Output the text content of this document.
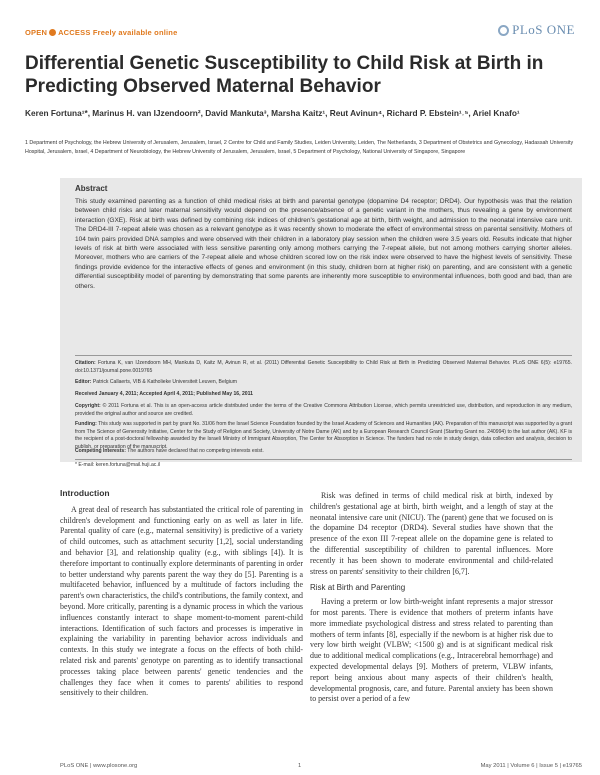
OPEN ACCESS Freely available online	PLoS ONE
Differential Genetic Susceptibility to Child Risk at Birth in Predicting Observed Maternal Behavior
Keren Fortuna¹*, Marinus H. van IJzendoorn², David Mankuta³, Marsha Kaitz¹, Reut Avinun⁴, Richard P. Ebstein¹˒⁵, Ariel Knafo¹
1 Department of Psychology, the Hebrew University of Jerusalem, Jerusalem, Israel, 2 Centre for Child and Family Studies, Leiden University, Leiden, The Netherlands, 3 Department of Obstetrics and Gynecology, Hadassah University Hospital, Jerusalem, Israel, 4 Department of Neurobiology, the Hebrew University of Jerusalem, Jerusalem, Israel, 5 Department of Psychology, National University of Singapore, Singapore
Abstract
This study examined parenting as a function of child medical risks at birth and parental genotype (dopamine D4 receptor; DRD4). Our hypothesis was that the relation between child risks and later maternal sensitivity would depend on the presence/absence of a genetic variant in the mothers, thus revealing a gene by environment interaction (GXE). Risk at birth was defined by combining risk indices of children's gestational age at birth, birth weight, and admission to the neonatal intensive care unit. The DRD4-III 7-repeat allele was chosen as a relevant genotype as it was recently shown to moderate the effect of environmental stress on parental sensitivity. Mothers of 104 twin pairs provided DNA samples and were observed with their children in a laboratory play session when the children were 3.5 years old. Results indicate that higher levels of risk at birth were associated with less sensitive parenting only among mothers carrying the 7-repeat allele, but not among mothers carrying shorter alleles. Moreover, mothers who are carriers of the 7-repeat allele and whose children scored low on the risk index were observed to have the highest levels of sensitivity. These findings provide evidence for the interactive effects of genes and environment (in this study, children born at higher risk) on parenting, and are consistent with a genetic differential susceptibility model of parenting by demonstrating that some parents are inherently more susceptible to environmental influences, both good and bad, than are others.
Citation: Fortuna K, van IJzendoorn MH, Mankuta D, Kaitz M, Avinun R, et al. (2011) Differential Genetic Susceptibility to Child Risk at Birth in Predicting Observed Maternal Behavior. PLoS ONE 6(5): e19765. doi:10.1371/journal.pone.0019765
Editor: Patrick Callaerts, VIB & Katholieke Universiteit Leuven, Belgium
Received January 4, 2011; Accepted April 4, 2011; Published May 16, 2011
Copyright: © 2011 Fortuna et al. This is an open-access article distributed under the terms of the Creative Commons Attribution License, which permits unrestricted use, distribution, and reproduction in any medium, provided the original author and source are credited.
Funding: This study was supported in part by grant No. 31/06 from the Israel Science Foundation founded by the Israel Academy of Sciences and Humanities (AK). Preparation of this manuscript was supported by a grant from The Science of Generosity Initiative, Center for the Study of Religion and Society, University of Notre Dame (AK) and by a European Research Council Grant (Starting Grant no. 240994) to the last author (AK). KF is the recipient of a post-doctoral fellowship awarded by the Israeli Ministry of Immigrant Absorption, The Center for Absorption in Science. The funders had no role in study design, data collection and analysis, decision to publish, or preparation of the manuscript.
Competing Interests: The authors have declared that no competing interests exist.
* E-mail: keren.fortuna@mail.huji.ac.il
Introduction

A great deal of research has substantiated the critical role of parenting in children's development and functioning early on as well as later in life. Parental quality of care (e.g., maternal sensitivity) is predictive of a variety of child outcomes, such as attachment security [1,2], social understanding and behavior [3], and relationship quality (e.g., with siblings [4]). It is therefore important to continually explore determinants of parenting in order to better understand why parents parent the way they do [5]. Parenting is a multifaceted behavior, influenced by a multitude of factors including the parent's own characteristics, the child's contributions, the family context, and beyond. More critically, parenting is a dynamic process in which the various influences constantly interact to shape moment-to-moment parent-child interactions. Identification of such factors and processes is imperative in explaining the variability in parenting behavior across individuals and contexts. In this study we integrate a focus on the effects of both child-related risk and parents' genotype on parenting as to identify transactional processes taking place between parents' genetic tendencies and the challenges they face when it comes to parents' abilities to respond sensitively to their children.

Risk was defined in terms of child medical risk at birth, indexed by children's gestational age at birth, birth weight, and a length of stay at the neonatal intensive care unit (NICU). The (parent) gene that we focused on is the dopamine D4 receptor (DRD4). Several studies have shown that the presence of the exon III 7-repeat allele on the dopamine gene is related to the differential susceptibility of children to parental influences. More recently it has been shown to moderate environmental and child-related stress on parents' sensitivity to their children [6,7].

Risk at Birth and Parenting

Having a preterm or low birth-weight infant represents a major stressor for most parents. There is evidence that mothers of preterm infants have more immediate psychological distress and stress related to parenting than mothers of term infants [8], especially if the newborn is at higher risk due to very low birth weight (VLBW; <1500 g) and is at significant medical risk due to additional medical complications (e.g., Intracerebral hemorrhage) and expected developmental delays [9]. Mothers of preterm, VLBW infants, report being anxious about many aspects of their children's health, developmental prognosis, care, and future. Parental anxiety has been shown to persist over a period of a few

PLoS ONE | www.plosone.org	1	May 2011 | Volume 6 | Issue 5 | e19765
